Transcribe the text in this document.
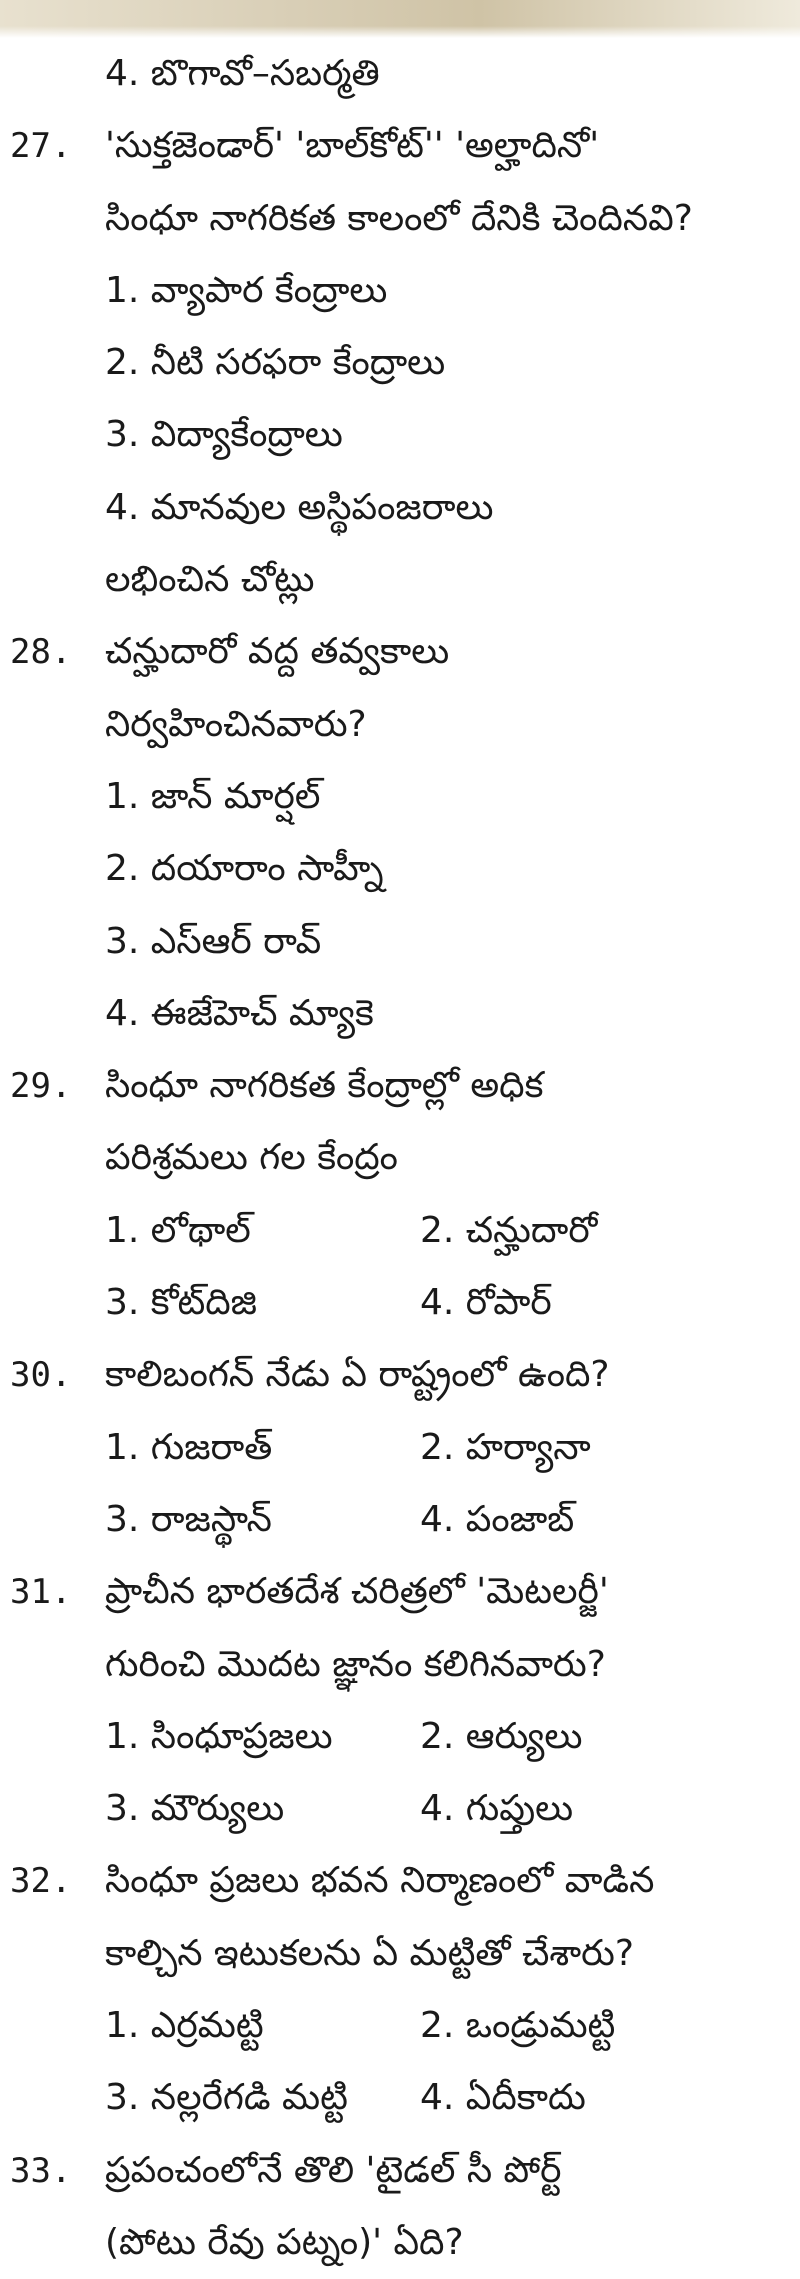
4. బొగావో–సబర్మతి
27. 'సుక్తజెండార్' 'బాల్‌కోట్'' 'అల్హాదినో'
సింధూ నాగరికత కాలంలో దేనికి చెందినవి?
1. వ్యాపార కేంద్రాలు
2. నీటి సరఫరా కేంద్రాలు
3. విద్యాకేంద్రాలు
4. మానవుల అస్థిపంజరాలు
లభించిన చోట్లు
28. చన్హుదారో వద్ద తవ్వకాలు
నిర్వహించినవారు?
1. జాన్ మార్షల్
2. దయారాం సాహ్నీ
3. ఎస్ఆర్ రావ్
4. ఈజేహెచ్ మ్యాకె
29. సింధూ నాగరికత కేంద్రాల్లో అధిక
పరిశ్రమలు గల కేంద్రం
1. లోథాల్	2. చన్హుదారో
3. కోట్‌దిజి	4. రోపార్
30. కాలిబంగన్ నేడు ఏ రాష్ట్రంలో ఉంది?
1. గుజరాత్	2. హర్యానా
3. రాజస్థాన్	4. పంజాబ్
31. ప్రాచీన భారతదేశ చరిత్రలో 'మెటలర్జీ'
గురించి మొదట జ్ఞానం కలిగినవారు?
1. సింధూప్రజలు 2. ఆర్యులు
3. మౌర్యులు	4. గుప్తులు
32. సింధూ ప్రజలు భవన నిర్మాణంలో వాడిన
కాల్చిన ఇటుకలను ఏ మట్టితో చేశారు?
1. ఎర్రమట్టి	2. ఒండ్రుమట్టి
3. నల్లరేగడి మట్టి 4. ఏదీకాదు
33. ప్రపంచంలోనే తొలి 'టైడల్ సీ పోర్ట్
(పోటు రేవు పట్నం)' ఏది?
